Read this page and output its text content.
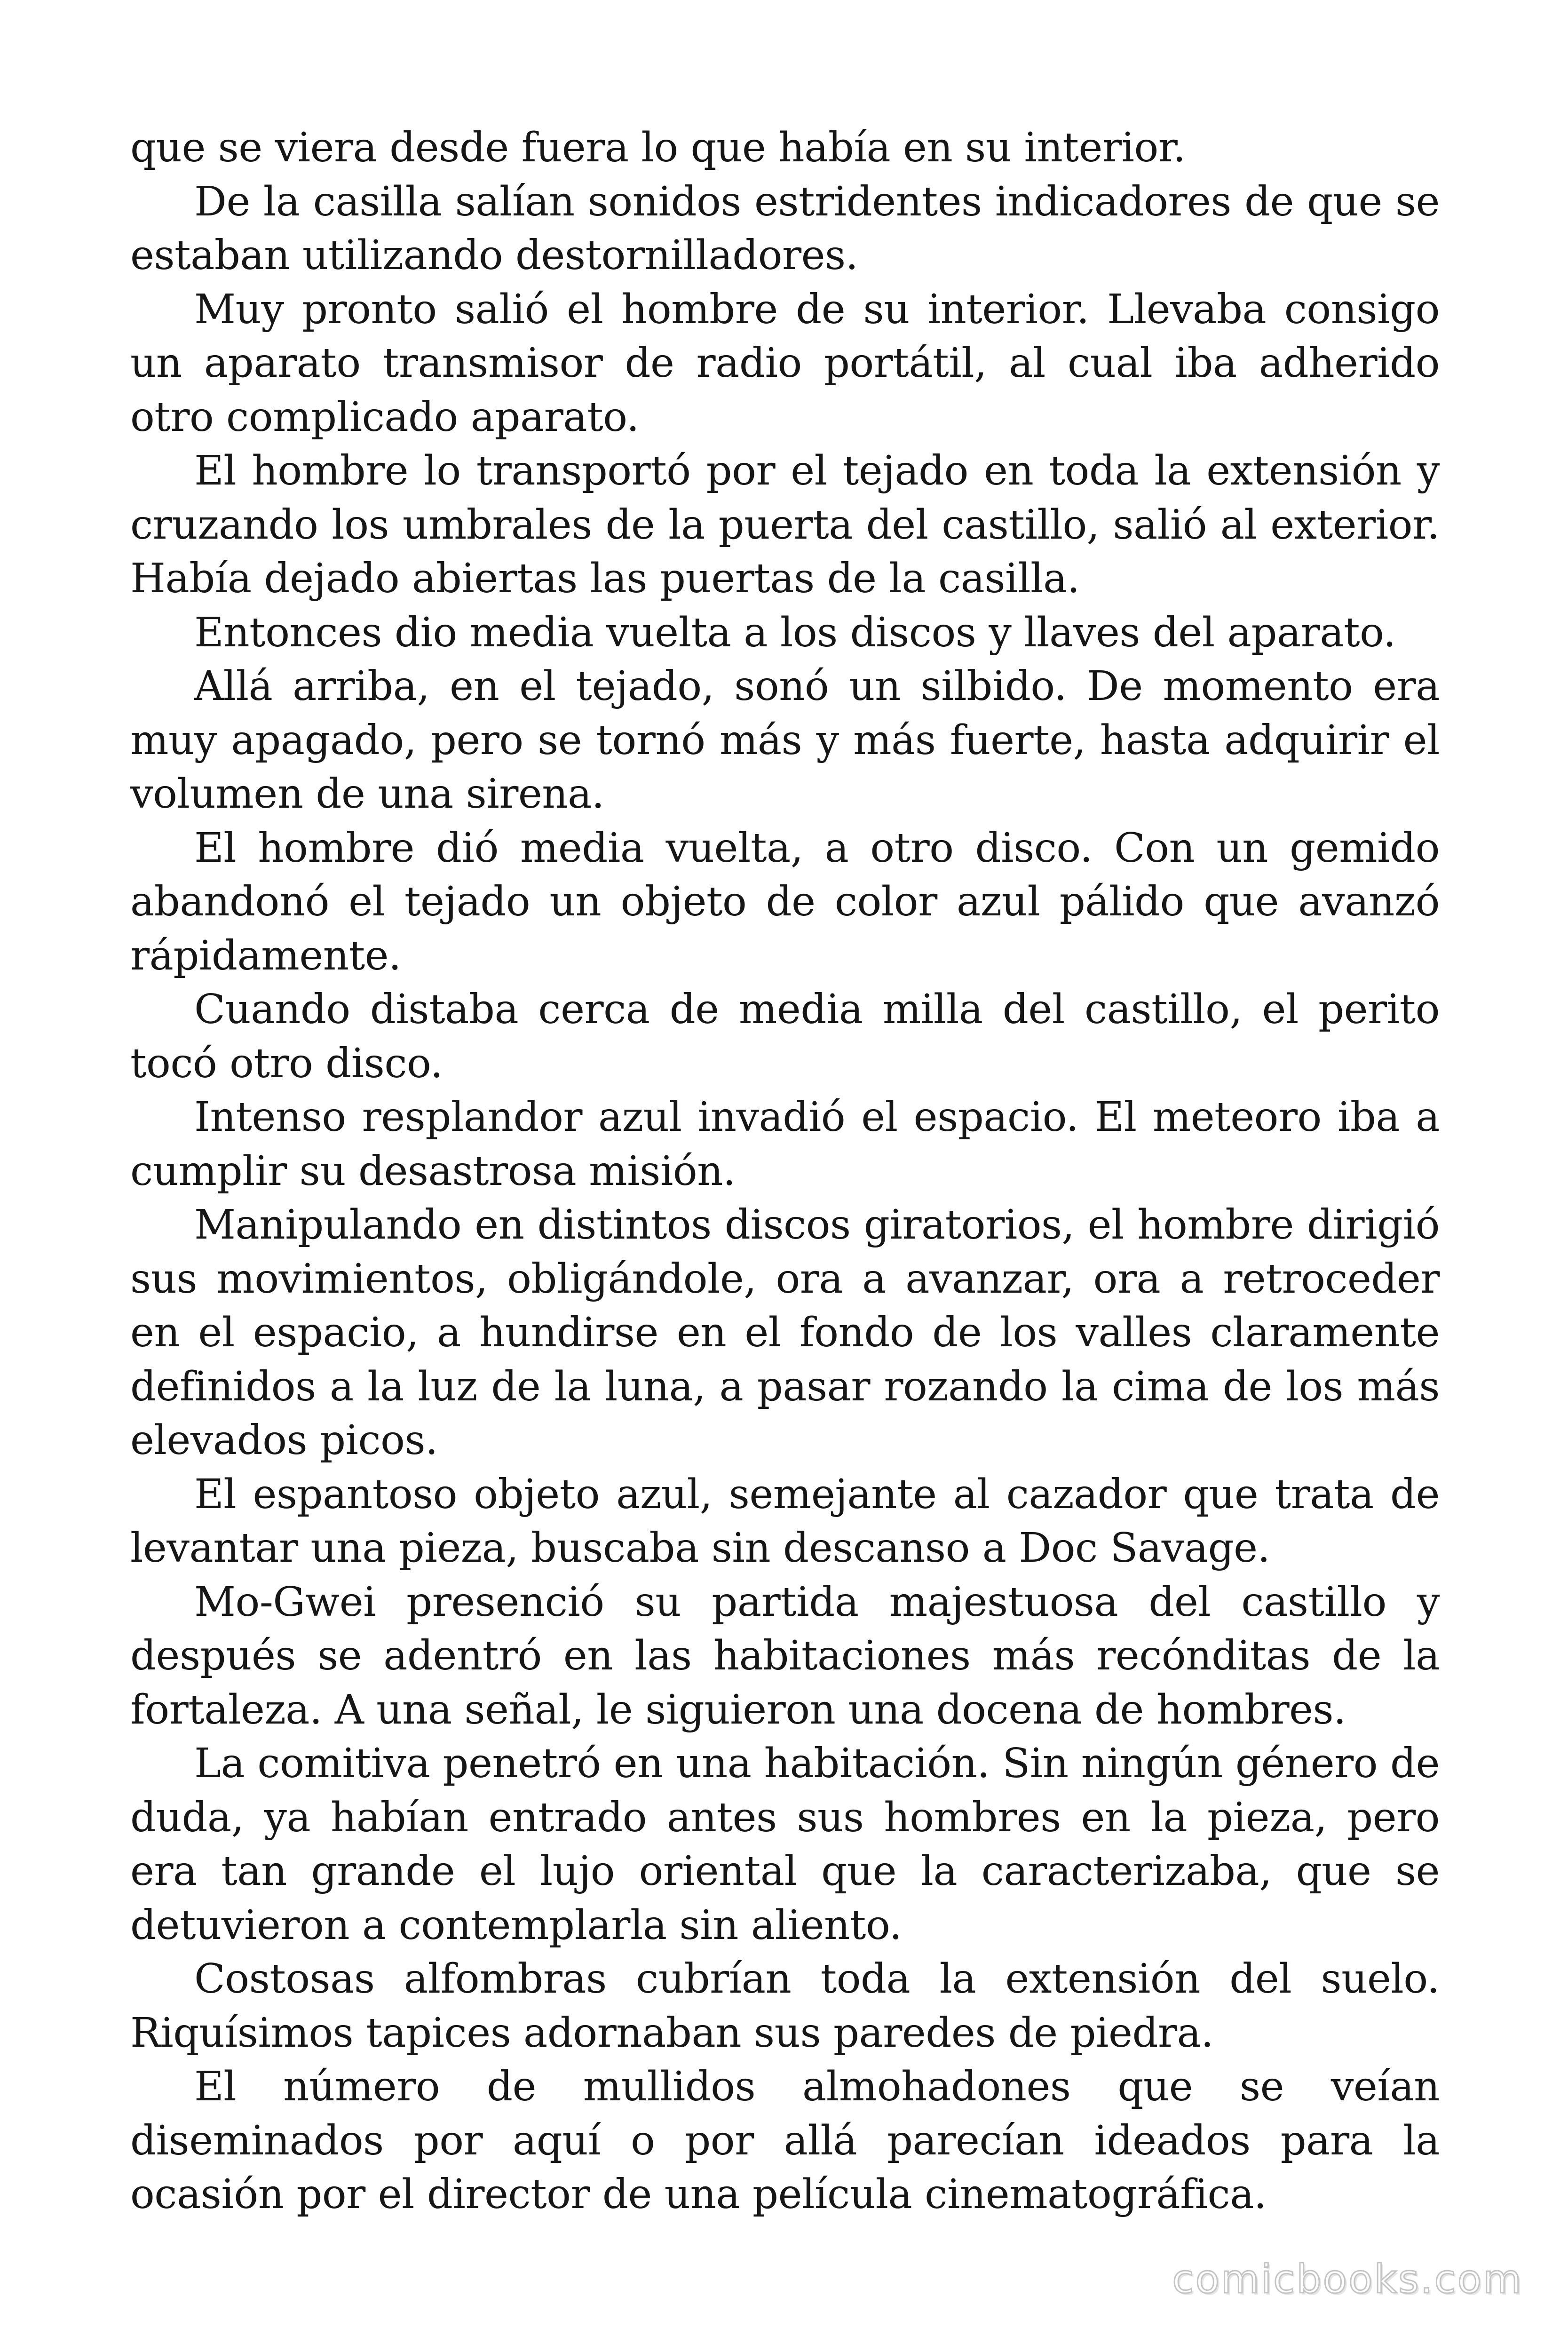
que se viera desde fuera lo que había en su interior.

De la casilla salían sonidos estridentes indicadores de que se estaban utilizando destornilladores.

Muy pronto salió el hombre de su interior. Llevaba consigo un aparato transmisor de radio portátil, al cual iba adherido otro complicado aparato.

El hombre lo transportó por el tejado en toda la extensión y cruzando los umbrales de la puerta del castillo, salió al exterior. Había dejado abiertas las puertas de la casilla.

Entonces dio media vuelta a los discos y llaves del aparato.

Allá arriba, en el tejado, sonó un silbido. De momento era muy apagado, pero se tornó más y más fuerte, hasta adquirir el volumen de una sirena.

El hombre dió media vuelta, a otro disco. Con un gemido abandonó el tejado un objeto de color azul pálido que avanzó rápidamente.

Cuando distaba cerca de media milla del castillo, el perito tocó otro disco.

Intenso resplandor azul invadió el espacio. El meteoro iba a cumplir su desastrosa misión.

Manipulando en distintos discos giratorios, el hombre dirigió sus movimientos, obligándole, ora a avanzar, ora a retroceder en el espacio, a hundirse en el fondo de los valles claramente definidos a la luz de la luna, a pasar rozando la cima de los más elevados picos.

El espantoso objeto azul, semejante al cazador que trata de levantar una pieza, buscaba sin descanso a Doc Savage.

Mo-Gwei presenció su partida majestuosa del castillo y después se adentró en las habitaciones más recónditas de la fortaleza. A una señal, le siguieron una docena de hombres.

La comitiva penetró en una habitación. Sin ningún género de duda, ya habían entrado antes sus hombres en la pieza, pero era tan grande el lujo oriental que la caracterizaba, que se detuvieron a contemplarla sin aliento.

Costosas alfombras cubrían toda la extensión del suelo. Riquísimos tapices adornaban sus paredes de piedra.

El número de mullidos almohadones que se veían diseminados por aquí o por allá parecían ideados para la ocasión por el director de una película cinematográfica.

comicbooks.com
